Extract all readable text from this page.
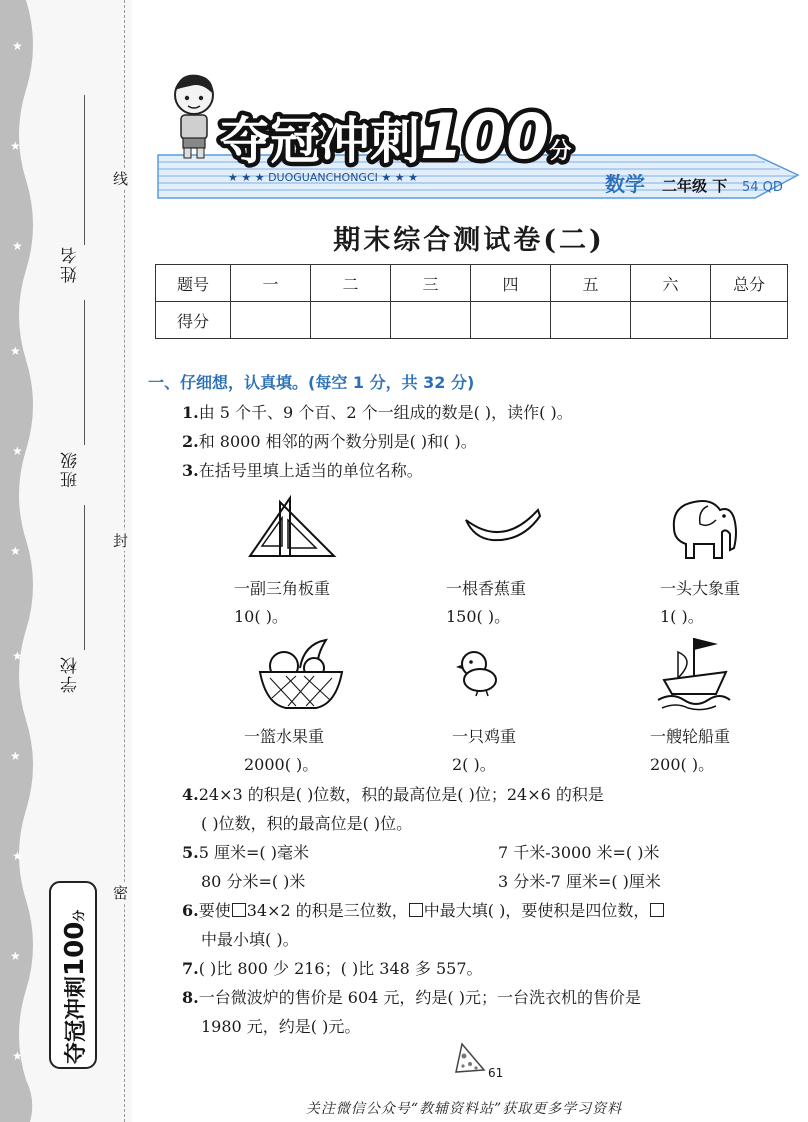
★
★
★
★
★
★
★
★
★
★
★
姓名
班级
学校
线
封
密
夺冠冲刺100分
夺冠冲刺100分
★ ★ ★ DUOGUANCHONGCI ★ ★ ★	数学 二年级 下 54 QD
期末综合测试卷(二)
题号	一	二	三	四	五	六	总分
得分							
一、仔细想，认真填。(每空 1 分，共 32 分)
1.由 5 个千、9 个百、2 个一组成的数是( )，读作( )。
2.和 8000 相邻的两个数分别是( )和( )。
3.在括号里填上适当的单位名称。
一副三角板重
10( )。
一根香蕉重
150( )。
一头大象重
1( )。
一篮水果重
2000( )。
一只鸡重
2( )。
一艘轮船重
200( )。
4.24×3 的积是( )位数，积的最高位是( )位；24×6 的积是
( )位数，积的最高位是( )位。
5.5 厘米=( )毫米	7 千米-3000 米=( )米
80 分米=( )米	3 分米-7 厘米=( )厘米
6.要使 34×2 的积是三位数， 中最大填( )，要使积是四位数，
中最小填( )。
7.( )比 800 少 216；( )比 348 多 557。
8.一台微波炉的售价是 604 元，约是( )元；一台洗衣机的售价是
1980 元，约是( )元。
61
关注微信公众号“教辅资料站”获取更多学习资料
